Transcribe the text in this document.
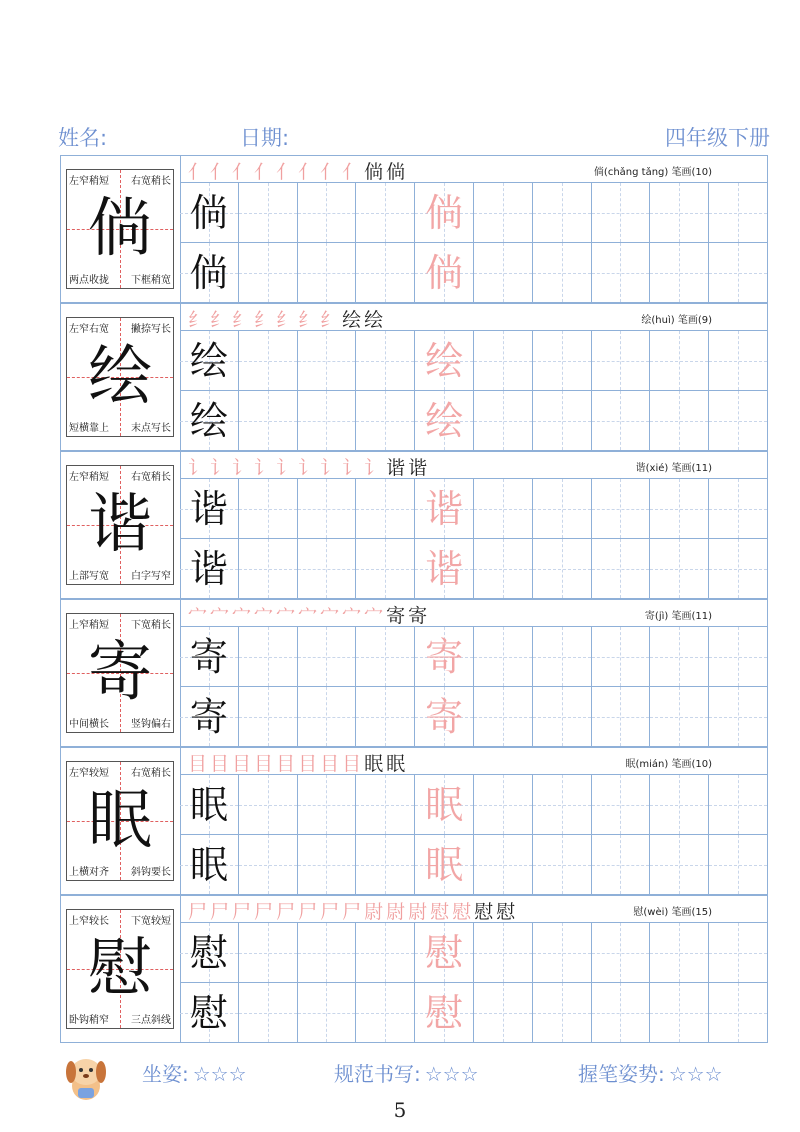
姓名:	日期:	四年级下册
倘
左窄稍短 右宽稍长
两点收拢 下框稍宽
亻亻亻亻亻亻亻亻倘倘	倘(chǎng tǎng) 笔画(10)
倘	倘
倘	倘
绘
左窄右宽 撇捺写长
短横靠上 末点写长
纟纟纟纟纟纟纟绘绘	绘(huì) 笔画(9)
绘	绘
绘	绘
谐
左窄稍短 右宽稍长
上部写宽 白字写窄
讠讠讠讠讠讠讠讠讠谐谐	谐(xié) 笔画(11)
谐	谐
谐	谐
寄
上窄稍短 下宽稍长
中间横长 竖钩偏右
宀宀宀宀宀宀宀宀宀寄寄	寄(jì) 笔画(11)
寄	寄
寄	寄
眠
左窄较短 右宽稍长
上横对齐 斜钩要长
目目目目目目目目眠眠	眠(mián) 笔画(10)
眠	眠
眠	眠
慰
上窄较长 下宽较短
卧钩稍窄 三点斜线
尸尸尸尸尸尸尸尸尉尉尉慰慰慰慰	慰(wèi) 笔画(15)
慰	慰
慰	慰
坐姿: ☆☆☆	规范书写: ☆☆☆	握笔姿势: ☆☆☆
5
